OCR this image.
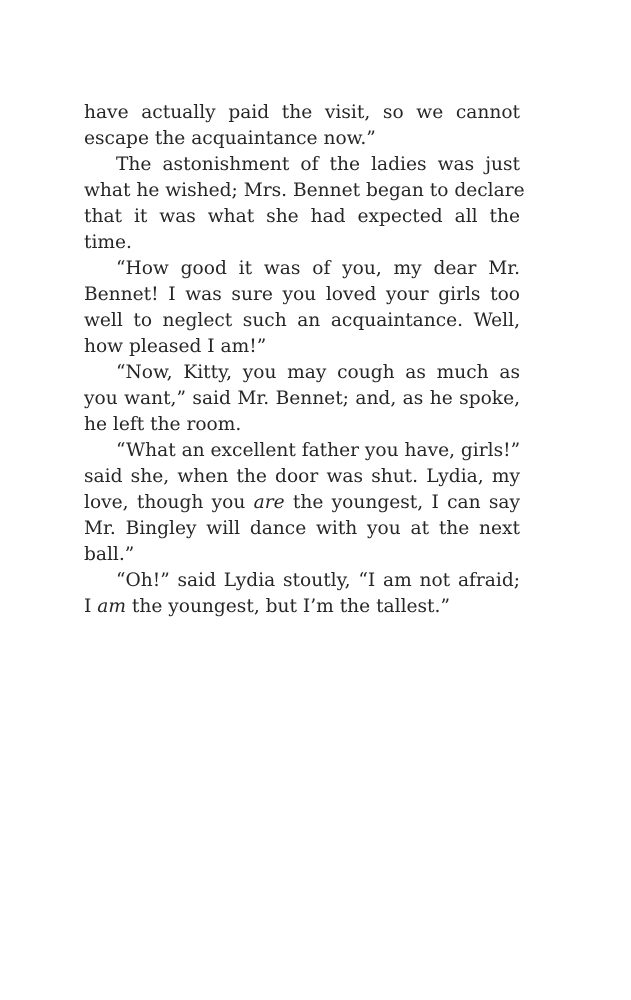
have actually paid the visit, so we cannot
escape the acquaintance now.”

The astonishment of the ladies was just
what he wished; Mrs. Bennet began to declare
that it was what she had expected all the
time.

“How good it was of you, my dear Mr.
Bennet! I was sure you loved your girls too
well to neglect such an acquaintance. Well,
how pleased I am!”

“Now, Kitty, you may cough as much as
you want,” said Mr. Bennet; and, as he spoke,
he left the room.

“What an excellent father you have, girls!”
said she, when the door was shut. Lydia, my
love, though you are the youngest, I can say
Mr. Bingley will dance with you at the next
ball.”

“Oh!” said Lydia stoutly, “I am not afraid;
I am the youngest, but I’m the tallest.”
